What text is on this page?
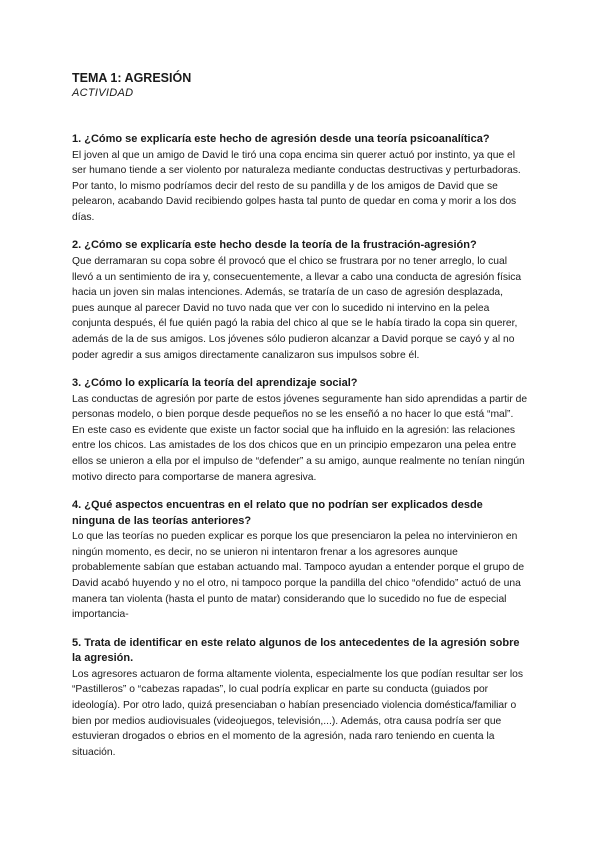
TEMA 1: AGRESIÓN
ACTIVIDAD

1. ¿Cómo se explicaría este hecho de agresión desde una teoría psicoanalítica?

El joven al que un amigo de David le tiró una copa encima sin querer actuó por instinto, ya que el ser humano tiende a ser violento por naturaleza mediante conductas destructivas y perturbadoras. Por tanto, lo mismo podríamos decir del resto de su pandilla y de los amigos de David que se pelearon, acabando David recibiendo golpes hasta tal punto de quedar en coma y morir a los dos días.

2. ¿Cómo se explicaría este hecho desde la teoría de la frustración-agresión?

Que derramaran su copa sobre él provocó que el chico se frustrara por no tener arreglo, lo cual llevó a un sentimiento de ira y, consecuentemente, a llevar a cabo una conducta de agresión física hacia un joven sin malas intenciones. Además, se trataría de un caso de agresión desplazada, pues aunque al parecer David no tuvo nada que ver con lo sucedido ni intervino en la pelea conjunta después, él fue quién pagó la rabia del chico al que se le había tirado la copa sin querer, además de la de sus amigos. Los jóvenes sólo pudieron alcanzar a David porque se cayó y al no poder agredir a sus amigos directamente canalizaron sus impulsos sobre él.

3. ¿Cómo lo explicaría la teoría del aprendizaje social?

Las conductas de agresión por parte de estos jóvenes seguramente han sido aprendidas a partir de personas modelo, o bien porque desde pequeños no se les enseñó a no hacer lo que está “mal”. En este caso es evidente que existe un factor social que ha influido en la agresión: las relaciones entre los chicos. Las amistades de los dos chicos que en un principio empezaron una pelea entre ellos se unieron a ella por el impulso de “defender” a su amigo, aunque realmente no tenían ningún motivo directo para comportarse de manera agresiva.

4. ¿Qué aspectos encuentras en el relato que no podrían ser explicados desde ninguna de las teorías anteriores?

Lo que las teorías no pueden explicar es porque los que presenciaron la pelea no intervinieron en ningún momento, es decir, no se unieron ni intentaron frenar a los agresores aunque probablemente sabían que estaban actuando mal. Tampoco ayudan a entender porque el grupo de David acabó huyendo y no el otro, ni tampoco porque la pandilla del chico “ofendido” actuó de una manera tan violenta (hasta el punto de matar) considerando que lo sucedido no fue de especial importancia-

5. Trata de identificar en este relato algunos de los antecedentes de la agresión sobre la agresión.

Los agresores actuaron de forma altamente violenta, especialmente los que podían resultar ser los “Pastilleros” o “cabezas rapadas”, lo cual podría explicar en parte su conducta (guiados por ideología). Por otro lado, quizá presenciaban o habían presenciado violencia doméstica/familiar o bien por medios audiovisuales (videojuegos, televisión,...). Además, otra causa podría ser que estuvieran drogados o ebrios en el momento de la agresión, nada raro teniendo en cuenta la situación.
